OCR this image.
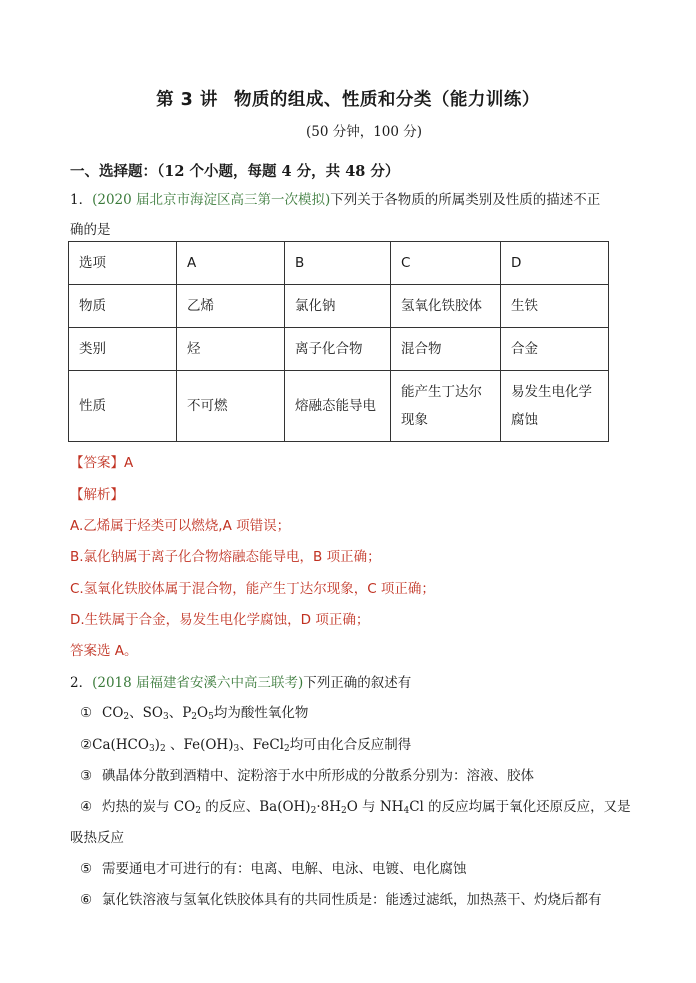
第 3 讲 物质的组成、性质和分类（能力训练）
(50 分钟，100 分)
一、选择题：（12 个小题，每题 4 分，共 48 分）
1．(2020 届北京市海淀区高三第一次模拟)下列关于各物质的所属类别及性质的描述不正
确的是
选项	A	B	C	D
物质	乙烯	氯化钠	氢氧化铁胶体	生铁
类别	烃	离子化合物	混合物	合金
性质	不可燃	熔融态能导电	能产生丁达尔现象	易发生电化学腐蚀
【答案】A
【解析】
A.乙烯属于烃类可以燃烧,A 项错误；
B.氯化钠属于离子化合物熔融态能导电，B 项正确；
C.氢氧化铁胶体属于混合物，能产生丁达尔现象，C 项正确；
D.生铁属于合金，易发生电化学腐蚀，D 项正确；
答案选 A。
2．(2018 届福建省安溪六中高三联考)下列正确的叙述有
① $CO_2$、$SO_3$、$P_2O_5$均为酸性氧化物
$②Ca(HCO_3)_2$ 、$Fe(OH)_3$、FeCl$_2$均可由化合反应制得
③ 碘晶体分散到酒精中、淀粉溶于水中所形成的分散系分别为：溶液、胶体
④ 灼热的炭与 $CO_2$ 的反应、$Ba(OH)_2\cdot 8H_2O$ 与 $NH_4Cl$ 的反应均属于氧化还原反应，又是
吸热反应
⑤ 需要通电才可进行的有：电离、电解、电泳、电镀、电化腐蚀
⑥ 氯化铁溶液与氢氧化铁胶体具有的共同性质是：能透过滤纸，加热蒸干、灼烧后都有
